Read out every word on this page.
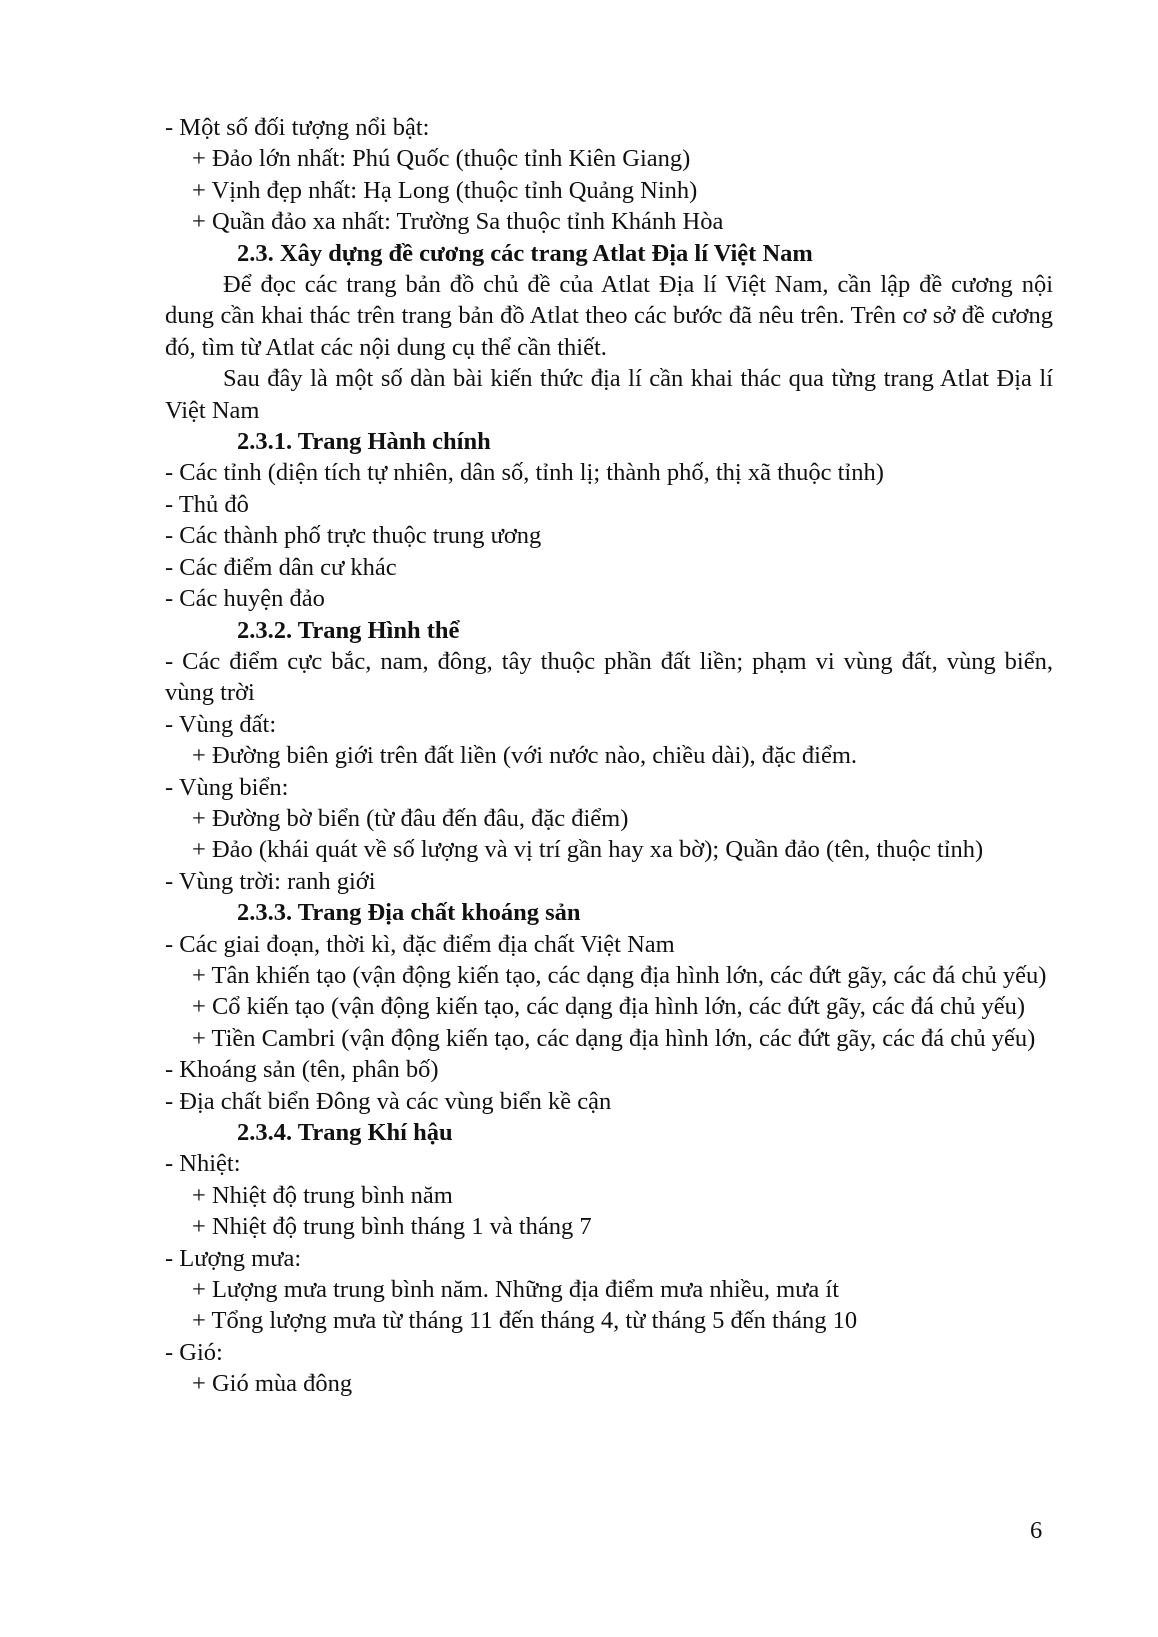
- Một số đối tượng nổi bật:
+ Đảo lớn nhất: Phú Quốc (thuộc tỉnh Kiên Giang)
+ Vịnh đẹp nhất: Hạ Long (thuộc tỉnh Quảng Ninh)
+ Quần đảo xa nhất: Trường Sa thuộc tỉnh Khánh Hòa
2.3. Xây dựng đề cương các trang Atlat Địa lí Việt Nam
Để đọc các trang bản đồ chủ đề của Atlat Địa lí Việt Nam, cần lập đề cương nội dung cần khai thác trên trang bản đồ Atlat theo các bước đã nêu trên. Trên cơ sở đề cương đó, tìm từ Atlat các nội dung cụ thể cần thiết.
Sau đây là một số dàn bài kiến thức địa lí cần khai thác qua từng trang Atlat Địa lí Việt Nam
2.3.1. Trang Hành chính
- Các tỉnh (diện tích tự nhiên, dân số, tỉnh lị; thành phố, thị xã thuộc tỉnh)
- Thủ đô
- Các thành phố trực thuộc trung ương
- Các điểm dân cư khác
- Các huyện đảo
2.3.2. Trang Hình thể
- Các điểm cực bắc, nam, đông, tây thuộc phần đất liền; phạm vi vùng đất, vùng biển, vùng trời
- Vùng đất:
+ Đường biên giới trên đất liền (với nước nào, chiều dài), đặc điểm.
- Vùng biển:
+ Đường bờ biển (từ đâu đến đâu, đặc điểm)
+ Đảo (khái quát về số lượng và vị trí gần hay xa bờ); Quần đảo (tên, thuộc tỉnh)
- Vùng trời: ranh giới
2.3.3. Trang Địa chất khoáng sản
- Các giai đoạn, thời kì, đặc điểm địa chất Việt Nam
+ Tân khiến tạo (vận động kiến tạo, các dạng địa hình lớn, các đứt gãy, các đá chủ yếu)
+ Cổ kiến tạo (vận động kiến tạo, các dạng địa hình lớn, các đứt gãy, các đá chủ yếu)
+ Tiền Cambri (vận động kiến tạo, các dạng địa hình lớn, các đứt gãy, các đá chủ yếu)
- Khoáng sản (tên, phân bố)
- Địa chất biển Đông và các vùng biển kề cận
2.3.4. Trang Khí hậu
- Nhiệt:
+ Nhiệt độ trung bình năm
+ Nhiệt độ trung bình tháng 1 và tháng 7
- Lượng mưa:
+ Lượng mưa trung bình năm. Những địa điểm mưa nhiều, mưa ít
+ Tổng lượng mưa từ tháng 11 đến tháng 4, từ tháng 5 đến tháng 10
- Gió:
+ Gió mùa đông
6
